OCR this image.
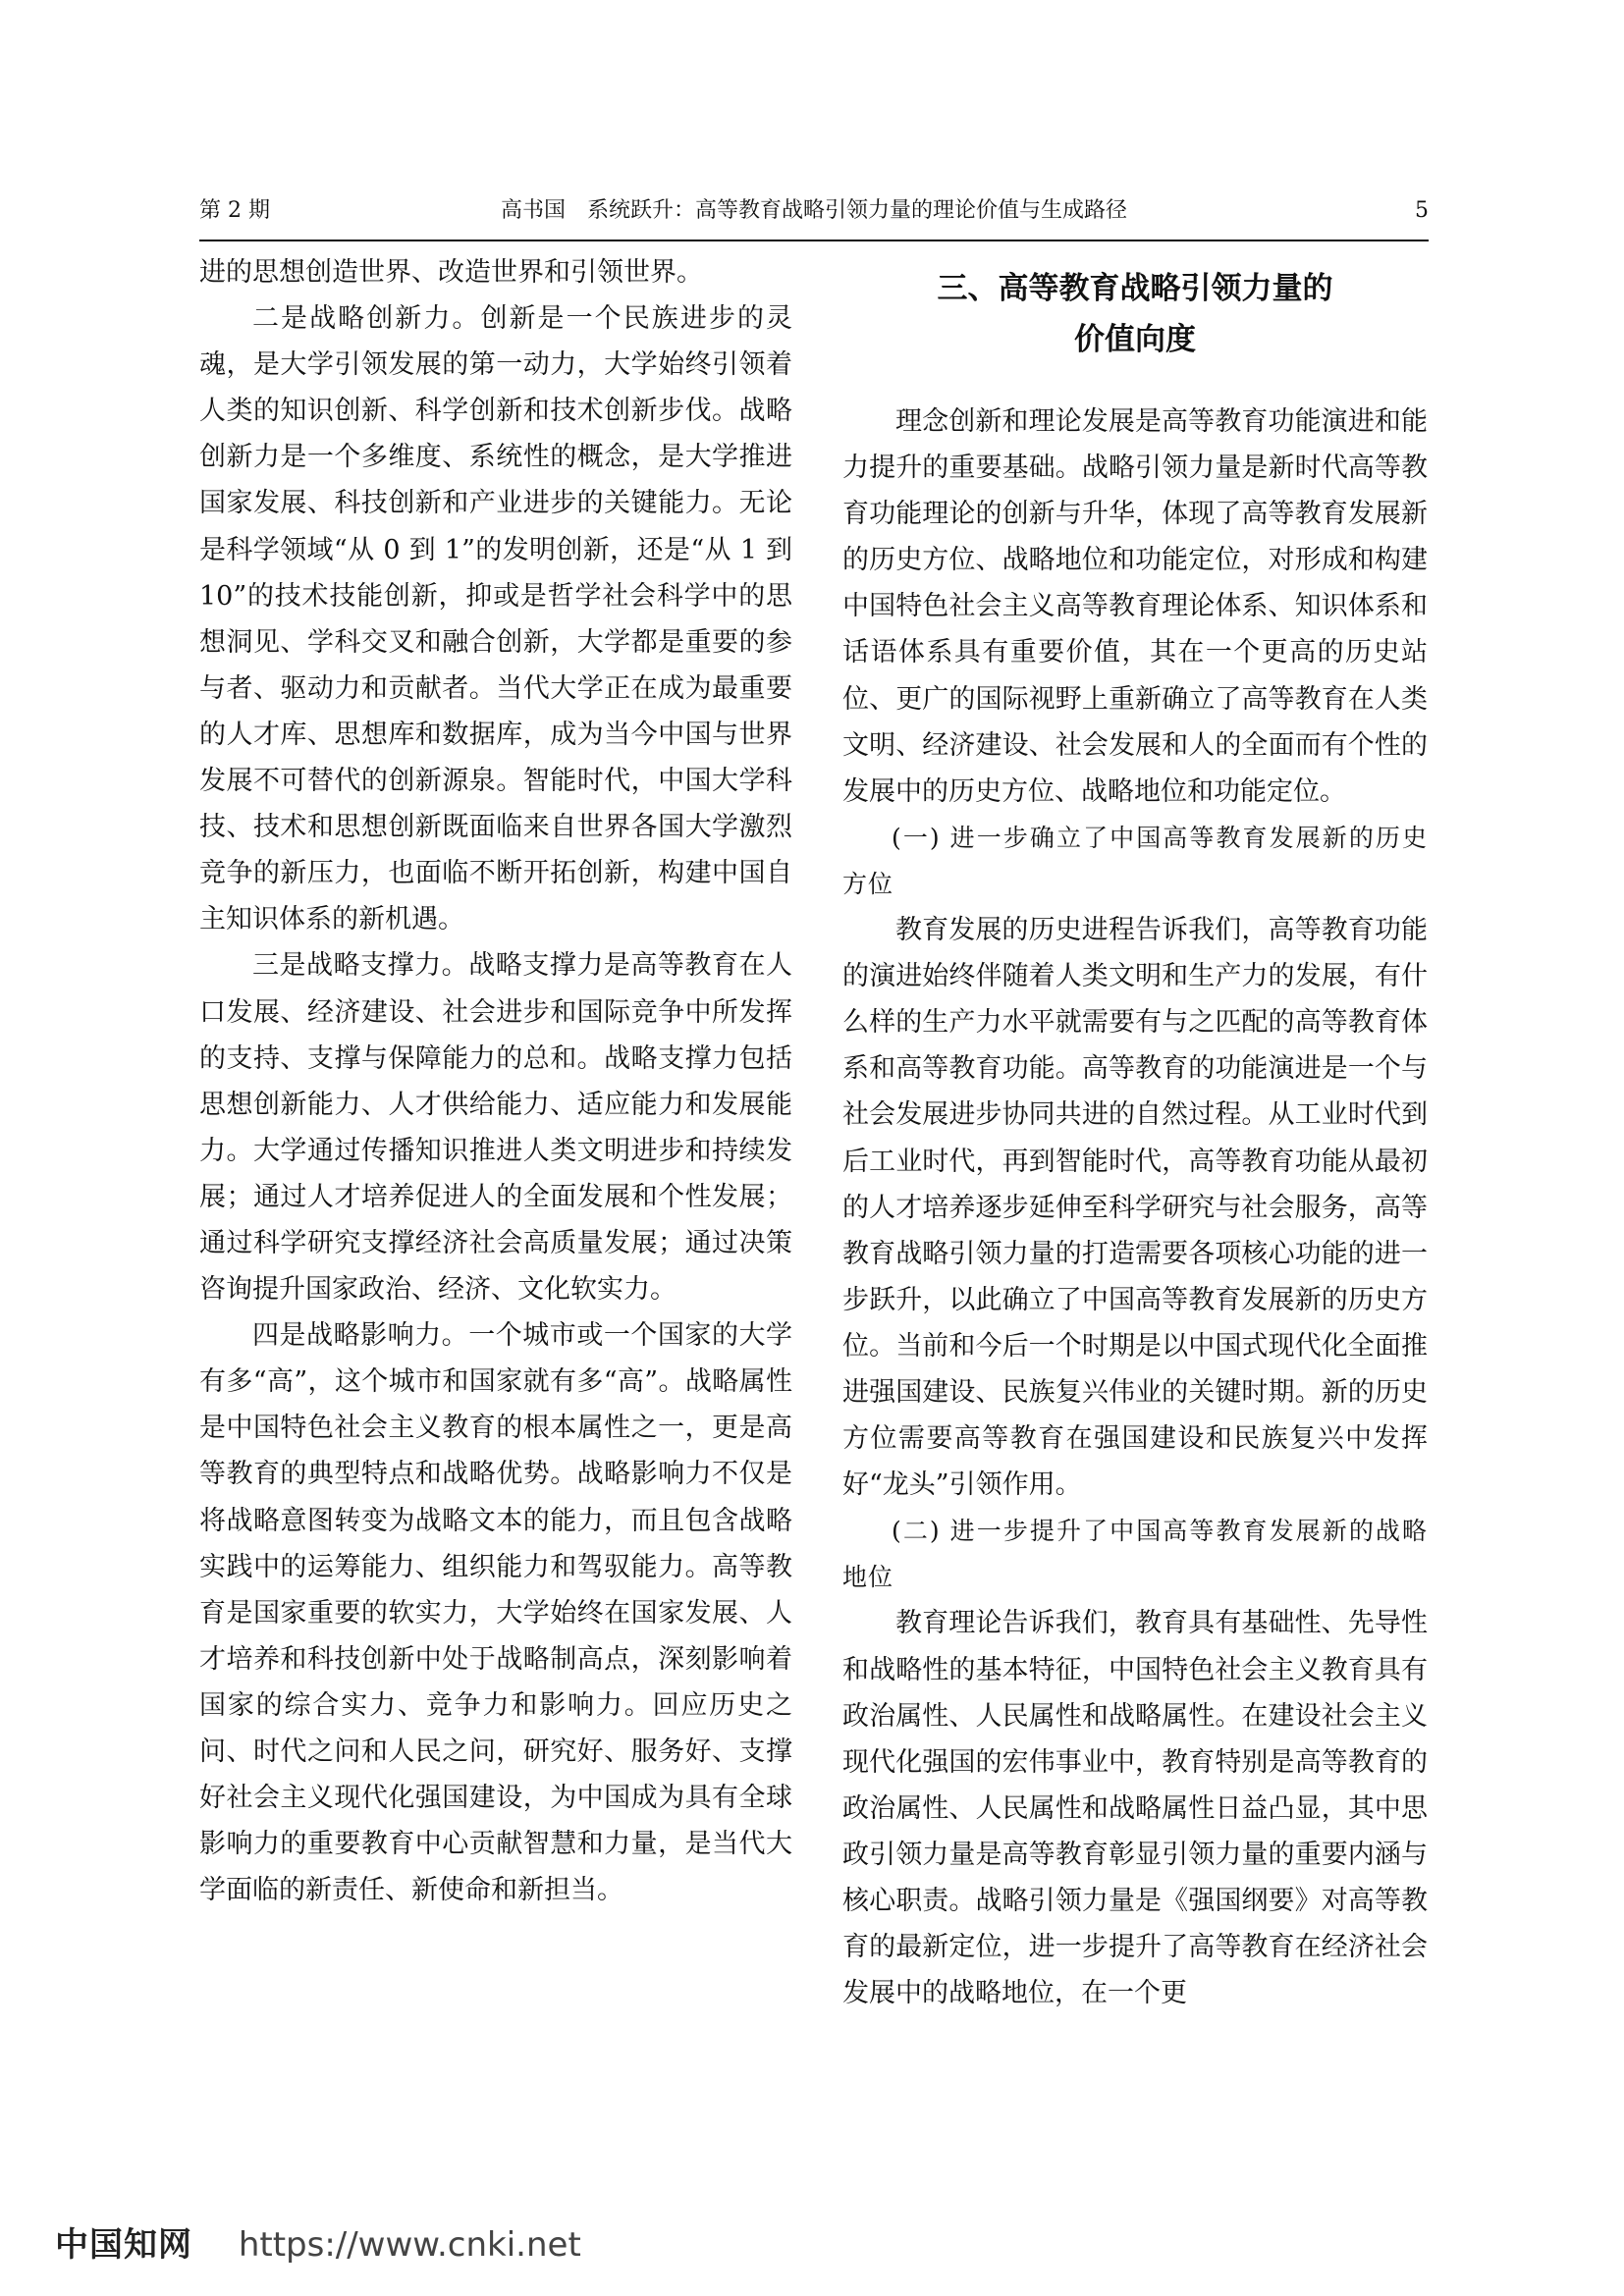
第 2 期	高书国　系统跃升：高等教育战略引领力量的理论价值与生成路径	5

进的思想创造世界、改造世界和引领世界。

二是战略创新力。创新是一个民族进步的灵魂，是大学引领发展的第一动力，大学始终引领着人类的知识创新、科学创新和技术创新步伐。战略创新力是一个多维度、系统性的概念，是大学推进国家发展、科技创新和产业进步的关键能力。无论是科学领域“从 0 到 1”的发明创新，还是“从 1 到 10”的技术技能创新，抑或是哲学社会科学中的思想洞见、学科交叉和融合创新，大学都是重要的参与者、驱动力和贡献者。当代大学正在成为最重要的人才库、思想库和数据库，成为当今中国与世界发展不可替代的创新源泉。智能时代，中国大学科技、技术和思想创新既面临来自世界各国大学激烈竞争的新压力，也面临不断开拓创新，构建中国自主知识体系的新机遇。

三是战略支撑力。战略支撑力是高等教育在人口发展、经济建设、社会进步和国际竞争中所发挥的支持、支撑与保障能力的总和。战略支撑力包括思想创新能力、人才供给能力、适应能力和发展能力。大学通过传播知识推进人类文明进步和持续发展；通过人才培养促进人的全面发展和个性发展；通过科学研究支撑经济社会高质量发展；通过决策咨询提升国家政治、经济、文化软实力。

四是战略影响力。一个城市或一个国家的大学有多“高”，这个城市和国家就有多“高”。战略属性是中国特色社会主义教育的根本属性之一，更是高等教育的典型特点和战略优势。战略影响力不仅是将战略意图转变为战略文本的能力，而且包含战略实践中的运筹能力、组织能力和驾驭能力。高等教育是国家重要的软实力，大学始终在国家发展、人才培养和科技创新中处于战略制高点，深刻影响着国家的综合实力、竞争力和影响力。回应历史之问、时代之问和人民之问，研究好、服务好、支撑好社会主义现代化强国建设，为中国成为具有全球影响力的重要教育中心贡献智慧和力量，是当代大学面临的新责任、新使命和新担当。

三、高等教育战略引领力量的
价值向度

理念创新和理论发展是高等教育功能演进和能力提升的重要基础。战略引领力量是新时代高等教育功能理论的创新与升华，体现了高等教育发展新的历史方位、战略地位和功能定位，对形成和构建中国特色社会主义高等教育理论体系、知识体系和话语体系具有重要价值，其在一个更高的历史站位、更广的国际视野上重新确立了高等教育在人类文明、经济建设、社会发展和人的全面而有个性的发展中的历史方位、战略地位和功能定位。

(一) 进一步确立了中国高等教育发展新的历史方位

教育发展的历史进程告诉我们，高等教育功能的演进始终伴随着人类文明和生产力的发展，有什么样的生产力水平就需要有与之匹配的高等教育体系和高等教育功能。高等教育的功能演进是一个与社会发展进步协同共进的自然过程。从工业时代到后工业时代，再到智能时代，高等教育功能从最初的人才培养逐步延伸至科学研究与社会服务，高等教育战略引领力量的打造需要各项核心功能的进一步跃升，以此确立了中国高等教育发展新的历史方位。当前和今后一个时期是以中国式现代化全面推进强国建设、民族复兴伟业的关键时期。新的历史方位需要高等教育在强国建设和民族复兴中发挥好“龙头”引领作用。

(二) 进一步提升了中国高等教育发展新的战略地位

教育理论告诉我们，教育具有基础性、先导性和战略性的基本特征，中国特色社会主义教育具有政治属性、人民属性和战略属性。在建设社会主义现代化强国的宏伟事业中，教育特别是高等教育的政治属性、人民属性和战略属性日益凸显，其中思政引领力量是高等教育彰显引领力量的重要内涵与核心职责。战略引领力量是《强国纲要》对高等教育的最新定位，进一步提升了高等教育在经济社会发展中的战略地位，在一个更

中国知网 https://www.cnki.net
